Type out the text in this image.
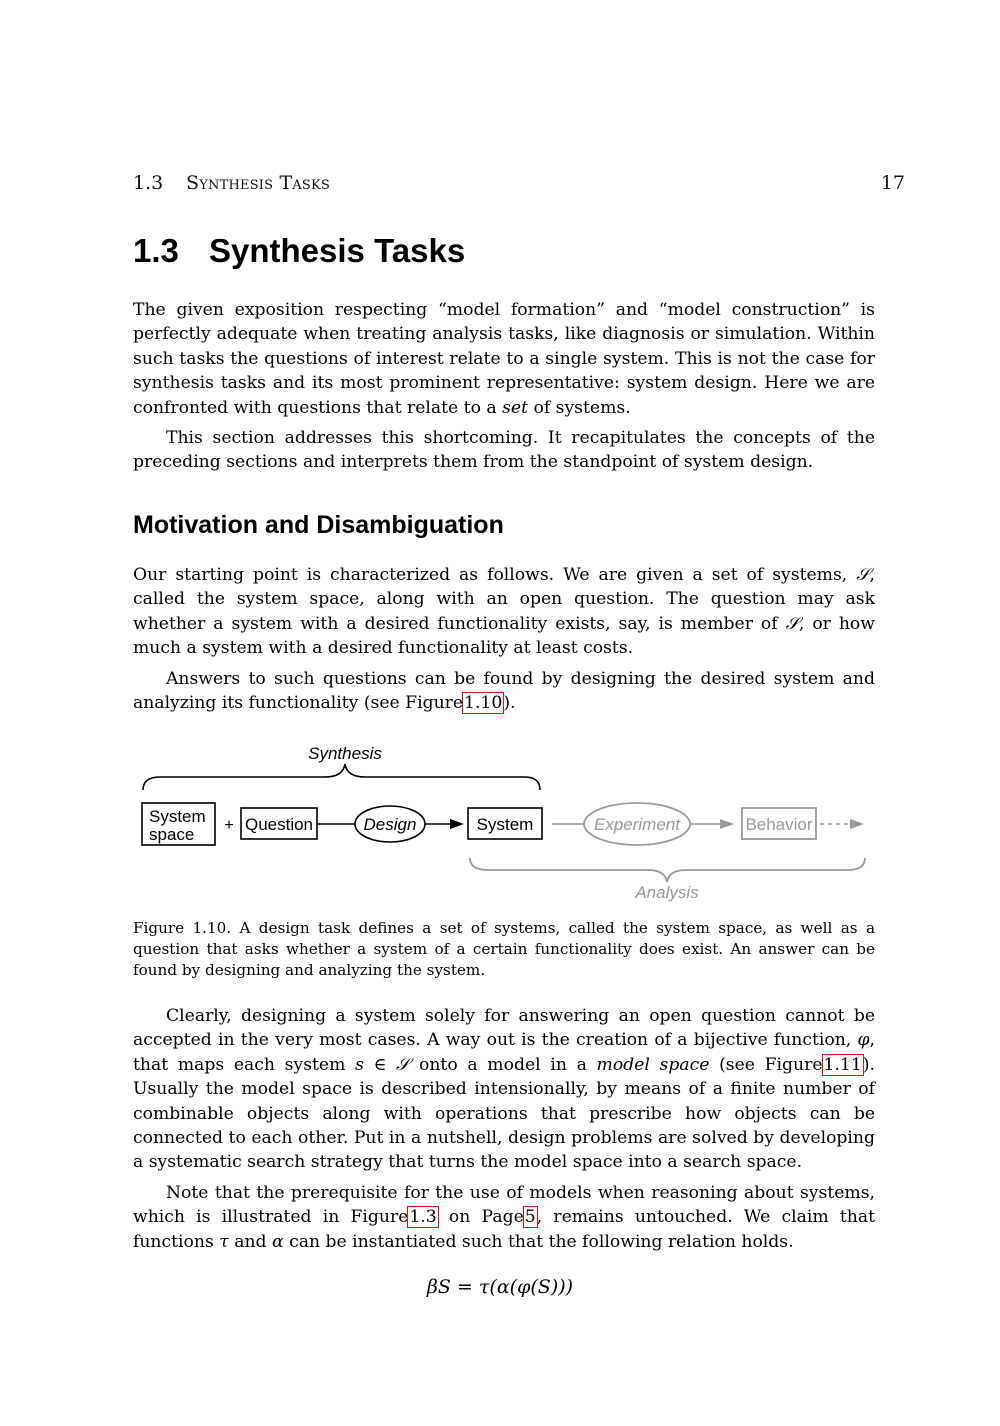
1.3 Synthesis Tasks	17
1.3 Synthesis Tasks

The given exposition respecting “model formation” and “model construction” is perfectly adequate when treating analysis tasks, like diagnosis or simulation. Within such tasks the questions of interest relate to a single system. This is not the case for synthesis tasks and its most prominent representative: system design. Here we are confronted with questions that relate to a set of systems.

This section addresses this shortcoming. It recapitulates the concepts of the preceding sections and interprets them from the standpoint of system design.

Motivation and Disambiguation

Our starting point is characterized as follows. We are given a set of systems, 𝒮, called the system space, along with an open question. The question may ask whether a system with a desired functionality exists, say, is member of 𝒮, or how much a system with a desired functionality at least costs.

Answers to such questions can be found by designing the desired system and analyzing its functionality (see Figure1.10).

Synthesis
System
space + Question	Design	System	Experiment	Behavior
Analysis

Figure 1.10. A design task defines a set of systems, called the system space, as well as a question that asks whether a system of a certain functionality does exist. An answer can be found by designing and analyzing the system.

Clearly, designing a system solely for answering an open question cannot be accepted in the very most cases. A way out is the creation of a bijective function, φ, that maps each system s ∈ 𝒮 onto a model in a model space (see Figure1.11). Usually the model space is described intensionally, by means of a finite number of combinable objects along with operations that prescribe how objects can be connected to each other. Put in a nutshell, design problems are solved by developing a systematic search strategy that turns the model space into a search space.

Note that the prerequisite for the use of models when reasoning about systems, which is illustrated in Figure1.3 on Page5, remains untouched. We claim that functions τ and α can be instantiated such that the following relation holds.

β𝑆 = τ(α(φ(𝑆)))
